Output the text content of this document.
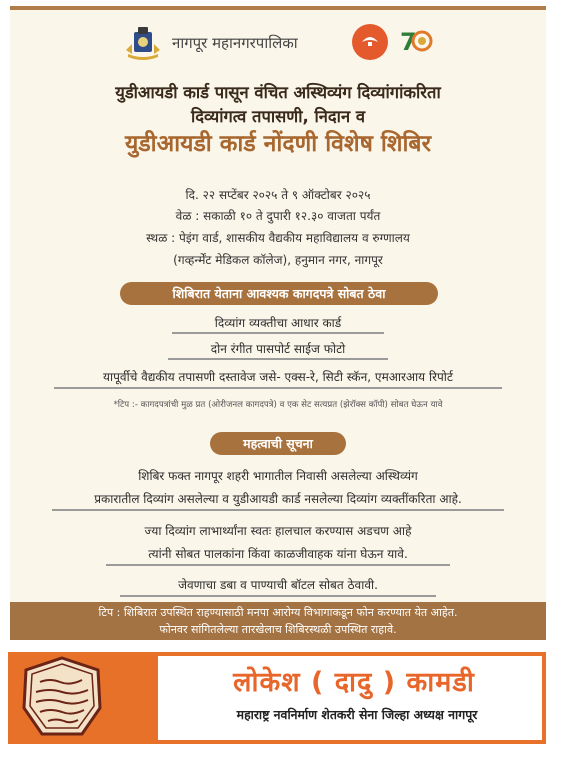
नागपूर महानगरपालिका	7
युडीआयडी कार्ड पासून वंचित अस्थिव्यंग दिव्यांगांकरिता
दिव्यांगत्व तपासणी, निदान व
युडीआयडी कार्ड नोंदणी विशेष शिबिर
दि. २२ सप्टेंबर २०२५ ते ९ ऑक्टोबर २०२५
वेळ : सकाळी १० ते दुपारी १२.३० वाजता पर्यंत
स्थळ : पेइंग वार्ड, शासकीय वैद्यकीय महाविद्यालय व रुग्णालय
(गव्हर्न्मेंट मेडिकल कॉलेज), हनुमान नगर, नागपूर
शिबिरात येताना आवश्यक कागदपत्रे सोबत ठेवा
दिव्यांग व्यक्तीचा आधार कार्ड
दोन रंगीत पासपोर्ट साईज फोटो
यापूर्वीचे वैद्यकीय तपासणी दस्तावेज जसे- एक्स-रे, सिटी स्कॅन, एमआरआय रिपोर्ट
*टिप :- कागदपत्रांची मुळ प्रत (ओरीजनल कागदपत्रे) व एक सेट सत्यप्रत (झेरॉक्स कॉपी) सोबत घेऊन यावे
महत्वाची सूचना
शिबिर फक्त नागपूर शहरी भागातील निवासी असलेल्या अस्थिव्यंग
प्रकारातील दिव्यांग असलेल्या व युडीआयडी कार्ड नसलेल्या दिव्यांग व्यक्तींकरिता आहे.
ज्या दिव्यांग लाभार्थ्यांना स्वतः हालचाल करण्यास अडचण आहे
त्यांनी सोबत पालकांना किंवा काळजीवाहक यांना घेऊन यावे.
जेवणाचा डबा व पाण्याची बॉटल सोबत ठेवावी.
टिप : शिबिरात उपस्थित राहण्यासाठी मनपा आरोग्य विभागाकडून फोन करण्यात येत आहेत.
फोनवर सांगितलेल्या तारखेलाच शिबिरस्थळी उपस्थित राहावे.
लोकेश ( दादु ) कामडी
महाराष्ट्र नवनिर्माण शेतकरी सेना जिल्हा अध्यक्ष नागपूर
